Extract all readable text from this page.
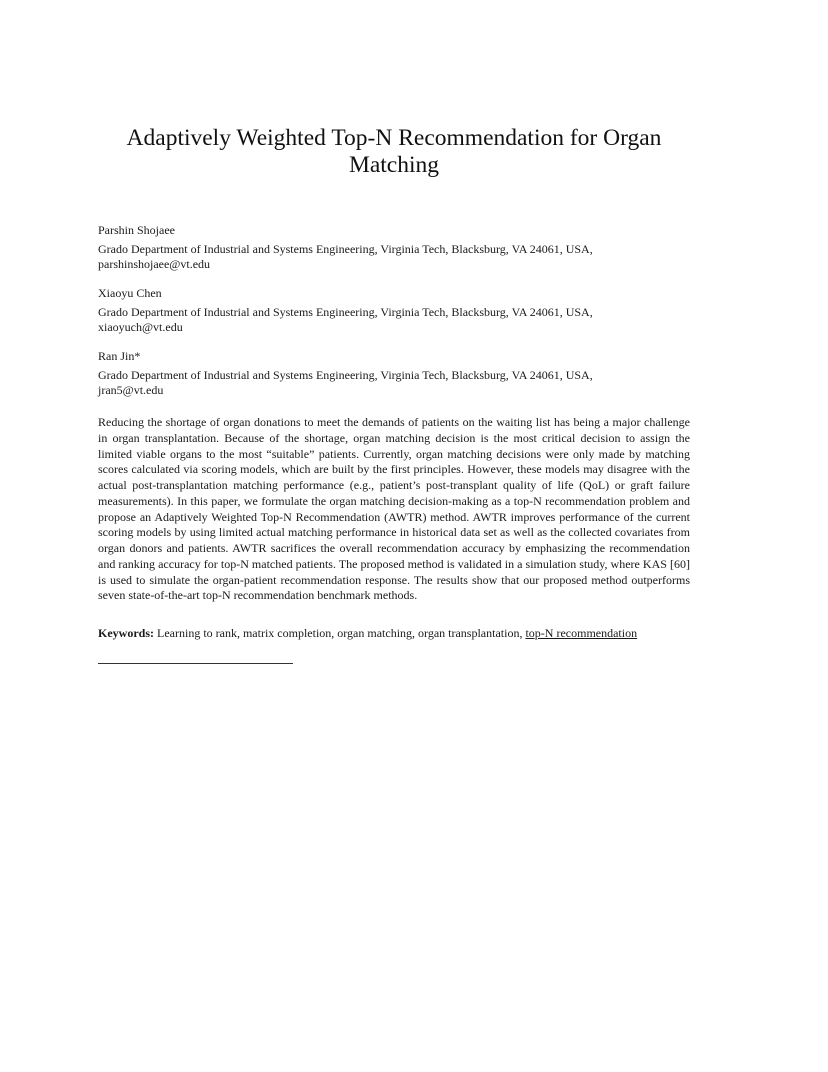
Adaptively Weighted Top-N Recommendation for Organ Matching

Parshin Shojaee

Grado Department of Industrial and Systems Engineering, Virginia Tech, Blacksburg, VA 24061, USA,

parshinshojaee@vt.edu

Xiaoyu Chen

Grado Department of Industrial and Systems Engineering, Virginia Tech, Blacksburg, VA 24061, USA,

xiaoyuch@vt.edu

Ran Jin*

Grado Department of Industrial and Systems Engineering, Virginia Tech, Blacksburg, VA 24061, USA,

jran5@vt.edu

Reducing the shortage of organ donations to meet the demands of patients on the waiting list has being a major challenge in organ transplantation. Because of the shortage, organ matching decision is the most critical decision to assign the limited viable organs to the most “suitable” patients. Currently, organ matching decisions were only made by matching scores calculated via scoring models, which are built by the first principles. However, these models may disagree with the actual post-transplantation matching performance (e.g., patient’s post-transplant quality of life (QoL) or graft failure measurements). In this paper, we formulate the organ matching decision-making as a top-N recommendation problem and propose an Adaptively Weighted Top-N Recommendation (AWTR) method. AWTR improves performance of the current scoring models by using limited actual matching performance in historical data set as well as the collected covariates from organ donors and patients. AWTR sacrifices the overall recommendation accuracy by emphasizing the recommendation and ranking accuracy for top-N matched patients. The proposed method is validated in a simulation study, where KAS [60] is used to simulate the organ-patient recommendation response. The results show that our proposed method outperforms seven state-of-the-art top-N recommendation benchmark methods.

Keywords: Learning to rank, matrix completion, organ matching, organ transplantation, top-N recommendation
